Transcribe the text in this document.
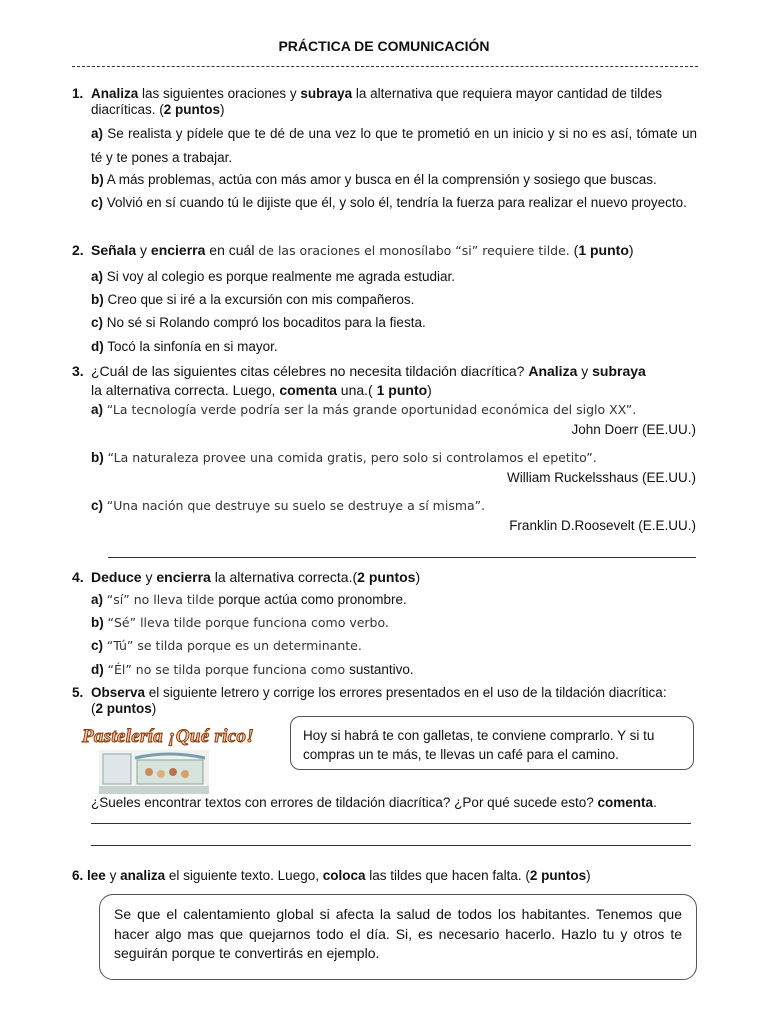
PRÁCTICA DE COMUNICACIÓN
1. Analiza las siguientes oraciones y subraya la alternativa que requiera mayor cantidad de tildes diacríticas. (2 puntos)
a) Se realista y pídele que te dé de una vez lo que te prometió en un inicio y si no es así, tómate un té y te pones a trabajar.
b) A más problemas, actúa con más amor y busca en él la comprensión y sosiego que buscas.
c) Volvió en sí cuando tú le dijiste que él, y solo él, tendría la fuerza para realizar el nuevo proyecto.
2. Señala y encierra en cuál de las oraciones el monosílabo “si” requiere tilde. (1 punto)
a) Si voy al colegio es porque realmente me agrada estudiar.
b) Creo que si iré a la excursión con mis compañeros.
c) No sé si Rolando compró los bocaditos para la fiesta.
d) Tocó la sinfonía en si mayor.
3. ¿Cuál de las siguientes citas célebres no necesita tildación diacrítica? Analiza y subraya
la alternativa correcta. Luego, comenta una.( 1 punto)
a) “La tecnología verde podría ser la más grande oportunidad económica del siglo XX”.
John Doerr (EE.UU.)
b) “La naturaleza provee una comida gratis, pero solo si controlamos el epetito”.
William Ruckelsshaus (EE.UU.)
c) “Una nación que destruye su suelo se destruye a sí misma”.
Franklin D.Roosevelt (E.E.UU.)
4. Deduce y encierra la alternativa correcta.(2 puntos)
a) “sí” no lleva tilde porque actúa como pronombre.
b) “Sé” lleva tilde porque funciona como verbo.
c) “Tú” se tilda porque es un determinante.
d) “Él” no se tilda porque funciona como sustantivo.
5. Observa el siguiente letrero y corrige los errores presentados en el uso de la tildación diacrítica:
(2 puntos)
Pastelería ¡Qué rico!	Hoy si habrá te con galletas, te conviene comprarlo. Y si tu compras un te más, te llevas un café para el camino.
¿Sueles encontrar textos con errores de tildación diacrítica? ¿Por qué sucede esto? comenta.
6. lee y analiza el siguiente texto. Luego, coloca las tildes que hacen falta. (2 puntos)
Se que el calentamiento global si afecta la salud de todos los habitantes. Tenemos que hacer algo mas que quejarnos todo el día. Si, es necesario hacerlo. Hazlo tu y otros te seguirán porque te convertirás en ejemplo.
